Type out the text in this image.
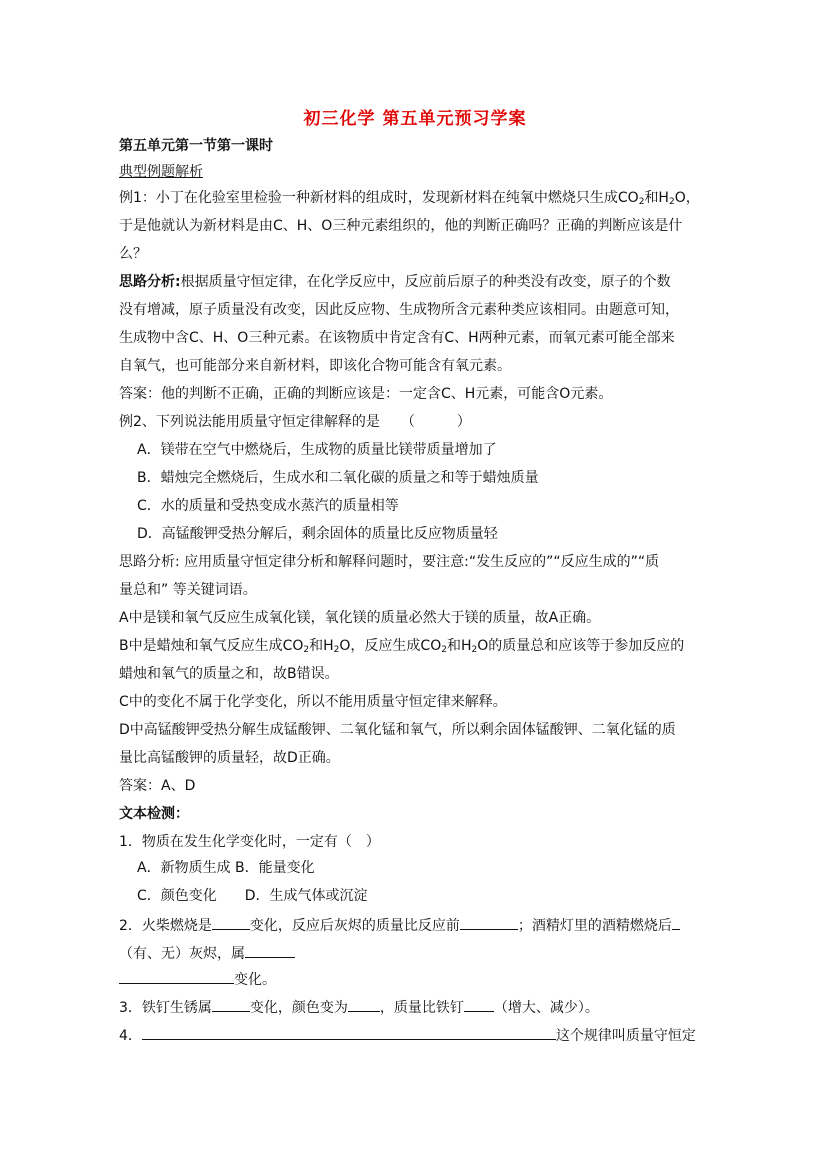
初三化学 第五单元预习学案
第五单元第一节第一课时
典型例题解析
例1：小丁在化验室里检验一种新材料的组成时，发现新材料在纯氧中燃烧只生成$CO_2$和$H_2O$，
于是他就认为新材料是由C、H、O三种元素组织的，他的判断正确吗？正确的判断应该是什
么？
思路分析:根据质量守恒定律，在化学反应中，反应前后原子的种类没有改变，原子的个数
没有增减，原子质量没有改变，因此反应物、生成物所含元素种类应该相同。由题意可知，
生成物中含C、H、O三种元素。在该物质中肯定含有C、H两种元素，而氧元素可能全部来
自氧气，也可能部分来自新材料，即该化合物可能含有氧元素。
答案：他的判断不正确，正确的判断应该是：一定含C、H元素，可能含O元素。
例2、下列说法能用质量守恒定律解释的是　　（　　　）
A．镁带在空气中燃烧后，生成物的质量比镁带质量增加了
B．蜡烛完全燃烧后，生成水和二氧化碳的质量之和等于蜡烛质量
C．水的质量和受热变成水蒸汽的质量相等
D．高锰酸钾受热分解后，剩余固体的质量比反应物质量轻
思路分析: 应用质量守恒定律分析和解释问题时，要注意:“发生反应的”“反应生成的”“质
量总和” 等关键词语。
A中是镁和氧气反应生成氧化镁，氧化镁的质量必然大于镁的质量，故A正确。
B中是蜡烛和氧气反应生成$CO_2$和$H_2O$，反应生成$CO_2$和$H_2O$的质量总和应该等于参加反应的
蜡烛和氧气的质量之和，故B错误。
C中的变化不属于化学变化，所以不能用质量守恒定律来解释。
D中高锰酸钾受热分解生成锰酸钾、二氧化锰和氧气，所以剩余固体锰酸钾、二氧化锰的质
量比高锰酸钾的质量轻，故D正确。
答案：A、D
文本检测：
1．物质在发生化学变化时，一定有（　）
A．新物质生成 B．能量变化
C．颜色变化　　D．生成气体或沉淀
2．火柴燃烧是	变化，反应后灰烬的质量比反应前	；酒精灯里的酒精燃烧后
（有、无）灰烬，属
变化。
3．铁钉生锈属	变化，颜色变为 ，质量比铁钉 （增大、减少）。
4．	这个规律叫质量守恒定
